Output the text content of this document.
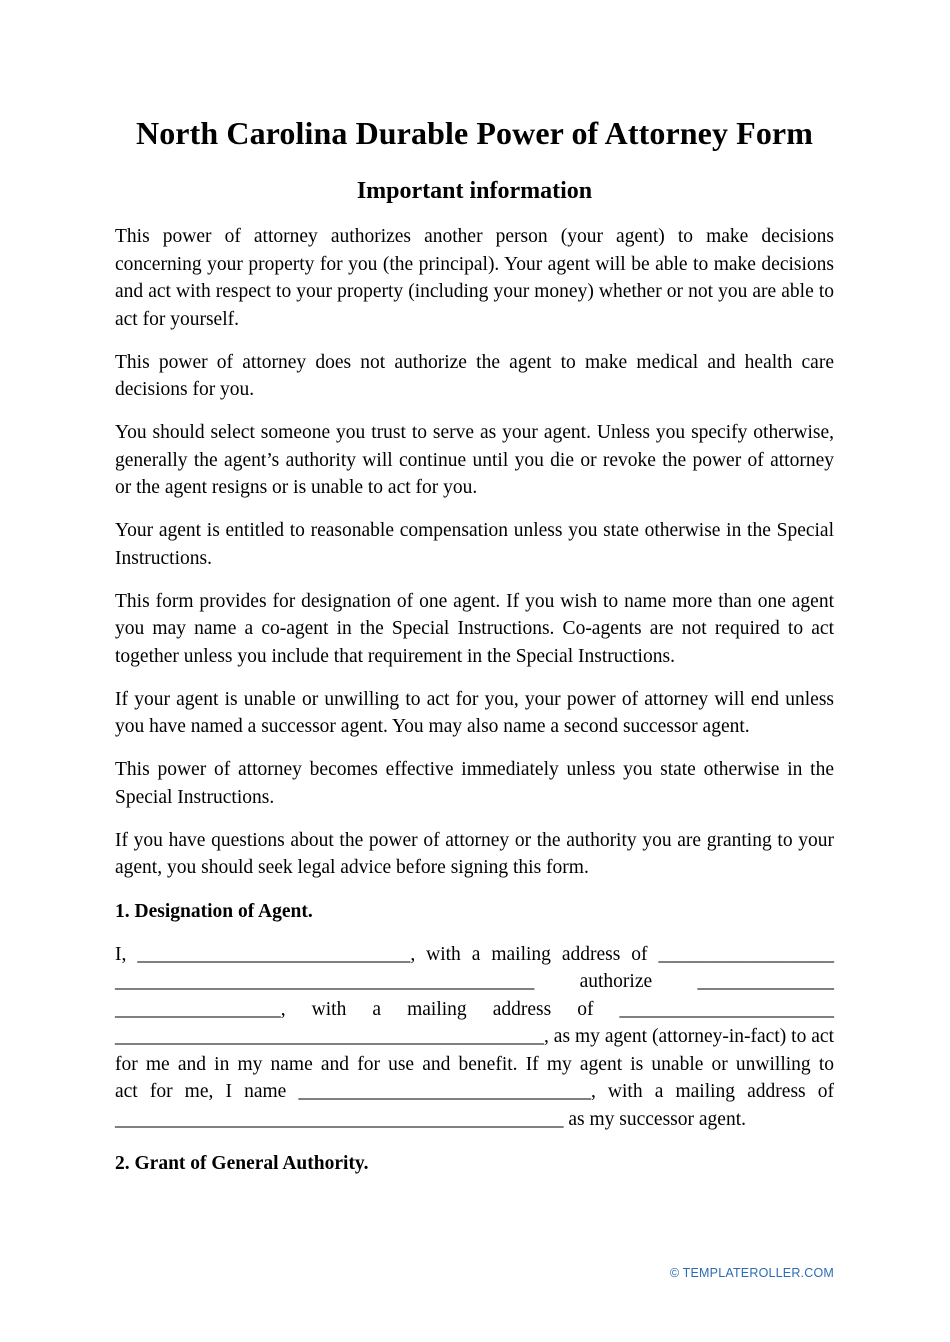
North Carolina Durable Power of Attorney Form
Important information

This power of attorney authorizes another person (your agent) to make decisions concerning your property for you (the principal). Your agent will be able to make decisions and act with respect to your property (including your money) whether or not you are able to act for yourself.

This power of attorney does not authorize the agent to make medical and health care decisions for you.

You should select someone you trust to serve as your agent. Unless you specify otherwise, generally the agent’s authority will continue until you die or revoke the power of attorney or the agent resigns or is unable to act for you.

Your agent is entitled to reasonable compensation unless you state otherwise in the Special Instructions.

This form provides for designation of one agent. If you wish to name more than one agent you may name a co-agent in the Special Instructions. Co-agents are not required to act together unless you include that requirement in the Special Instructions.

If your agent is unable or unwilling to act for you, your power of attorney will end unless you have named a successor agent. You may also name a second successor agent.

This power of attorney becomes effective immediately unless you state otherwise in the Special Instructions.

If you have questions about the power of attorney or the authority you are granting to your agent, you should seek legal advice before signing this form.

1. Designation of Agent.

I, ____________________________, with a mailing address of __________________

___________________________________________ authorize ______________

_________________, with a mailing address of ______________________

____________________________________________, as my agent (attorney-in-fact) to act

for me and in my name and for use and benefit. If my agent is unable or unwilling to

act for me, I name ______________________________, with a mailing address of

______________________________________________ as my successor agent.

2. Grant of General Authority.

© TEMPLATEROLLER.COM
